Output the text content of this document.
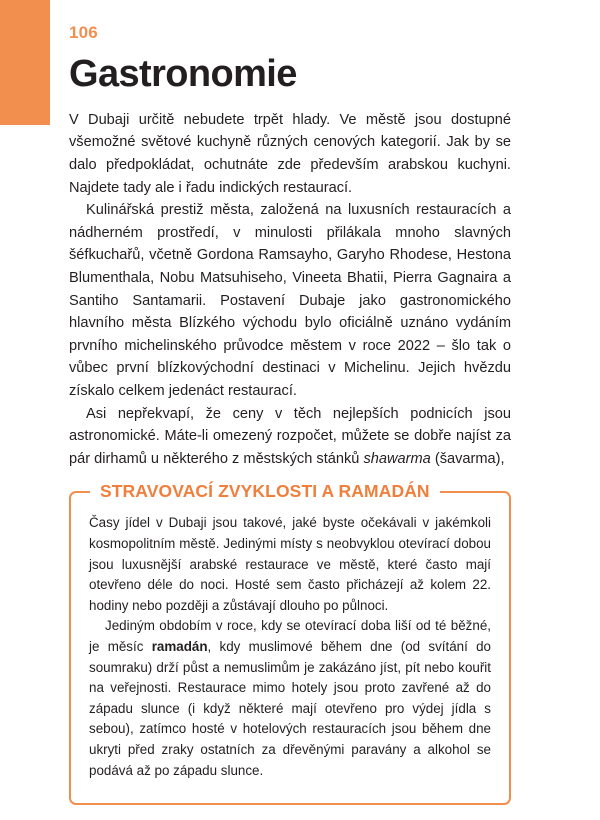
106
Gastronomie

V Dubaji určitě nebudete trpět hlady. Ve městě jsou dostupné všemožné světové kuchyně různých cenových kategorií. Jak by se dalo předpokládat, ochutnáte zde především arabskou kuchyni. Najdete tady ale i řadu indických restaurací.

Kulinářská prestiž města, založená na luxusních restauracích a nádherném prostředí, v minulosti přilákala mnoho slavných šéfkuchařů, včetně Gordona Ramsayho, Garyho Rhodese, Hestona Blumenthala, Nobu Matsuhiseho, Vineeta Bhatii, Pierra Gagnaira a Santiho Santamarii. Postavení Dubaje jako gastronomického hlavního města Blízkého východu bylo oficiálně uznáno vydáním prvního michelinského průvodce městem v roce 2022 – šlo tak o vůbec první blízkovýchodní destinaci v Michelinu. Jejich hvězdu získalo celkem jedenáct restaurací.

Asi nepřekvapí, že ceny v těch nejlepších podnicích jsou astronomické. Máte-li omezený rozpočet, můžete se dobře najíst za pár dirhamů u některého z městských stánků shawarma (šavarma),

STRAVOVACÍ ZVYKLOSTI A RAMADÁN

Časy jídel v Dubaji jsou takové, jaké byste očekávali v jakémkoli kosmopolitním městě. Jedinými místy s neobvyklou otevírací dobou jsou luxusnější arabské restaurace ve městě, které často mají otevřeno déle do noci. Hosté sem často přicházejí až kolem 22. hodiny nebo později a zůstávají dlouho po půlnoci.

Jediným obdobím v roce, kdy se otevírací doba liší od té běžné, je měsíc ramadán, kdy muslimové během dne (od svítání do soumraku) drží půst a nemuslimům je zakázáno jíst, pít nebo kouřit na veřejnosti. Restaurace mimo hotely jsou proto zavřené až do západu slunce (i když některé mají otevřeno pro výdej jídla s sebou), zatímco hosté v hotelových restauracích jsou během dne ukryti před zraky ostatních za dřevěnými paravány a alkohol se podává až po západu slunce.
